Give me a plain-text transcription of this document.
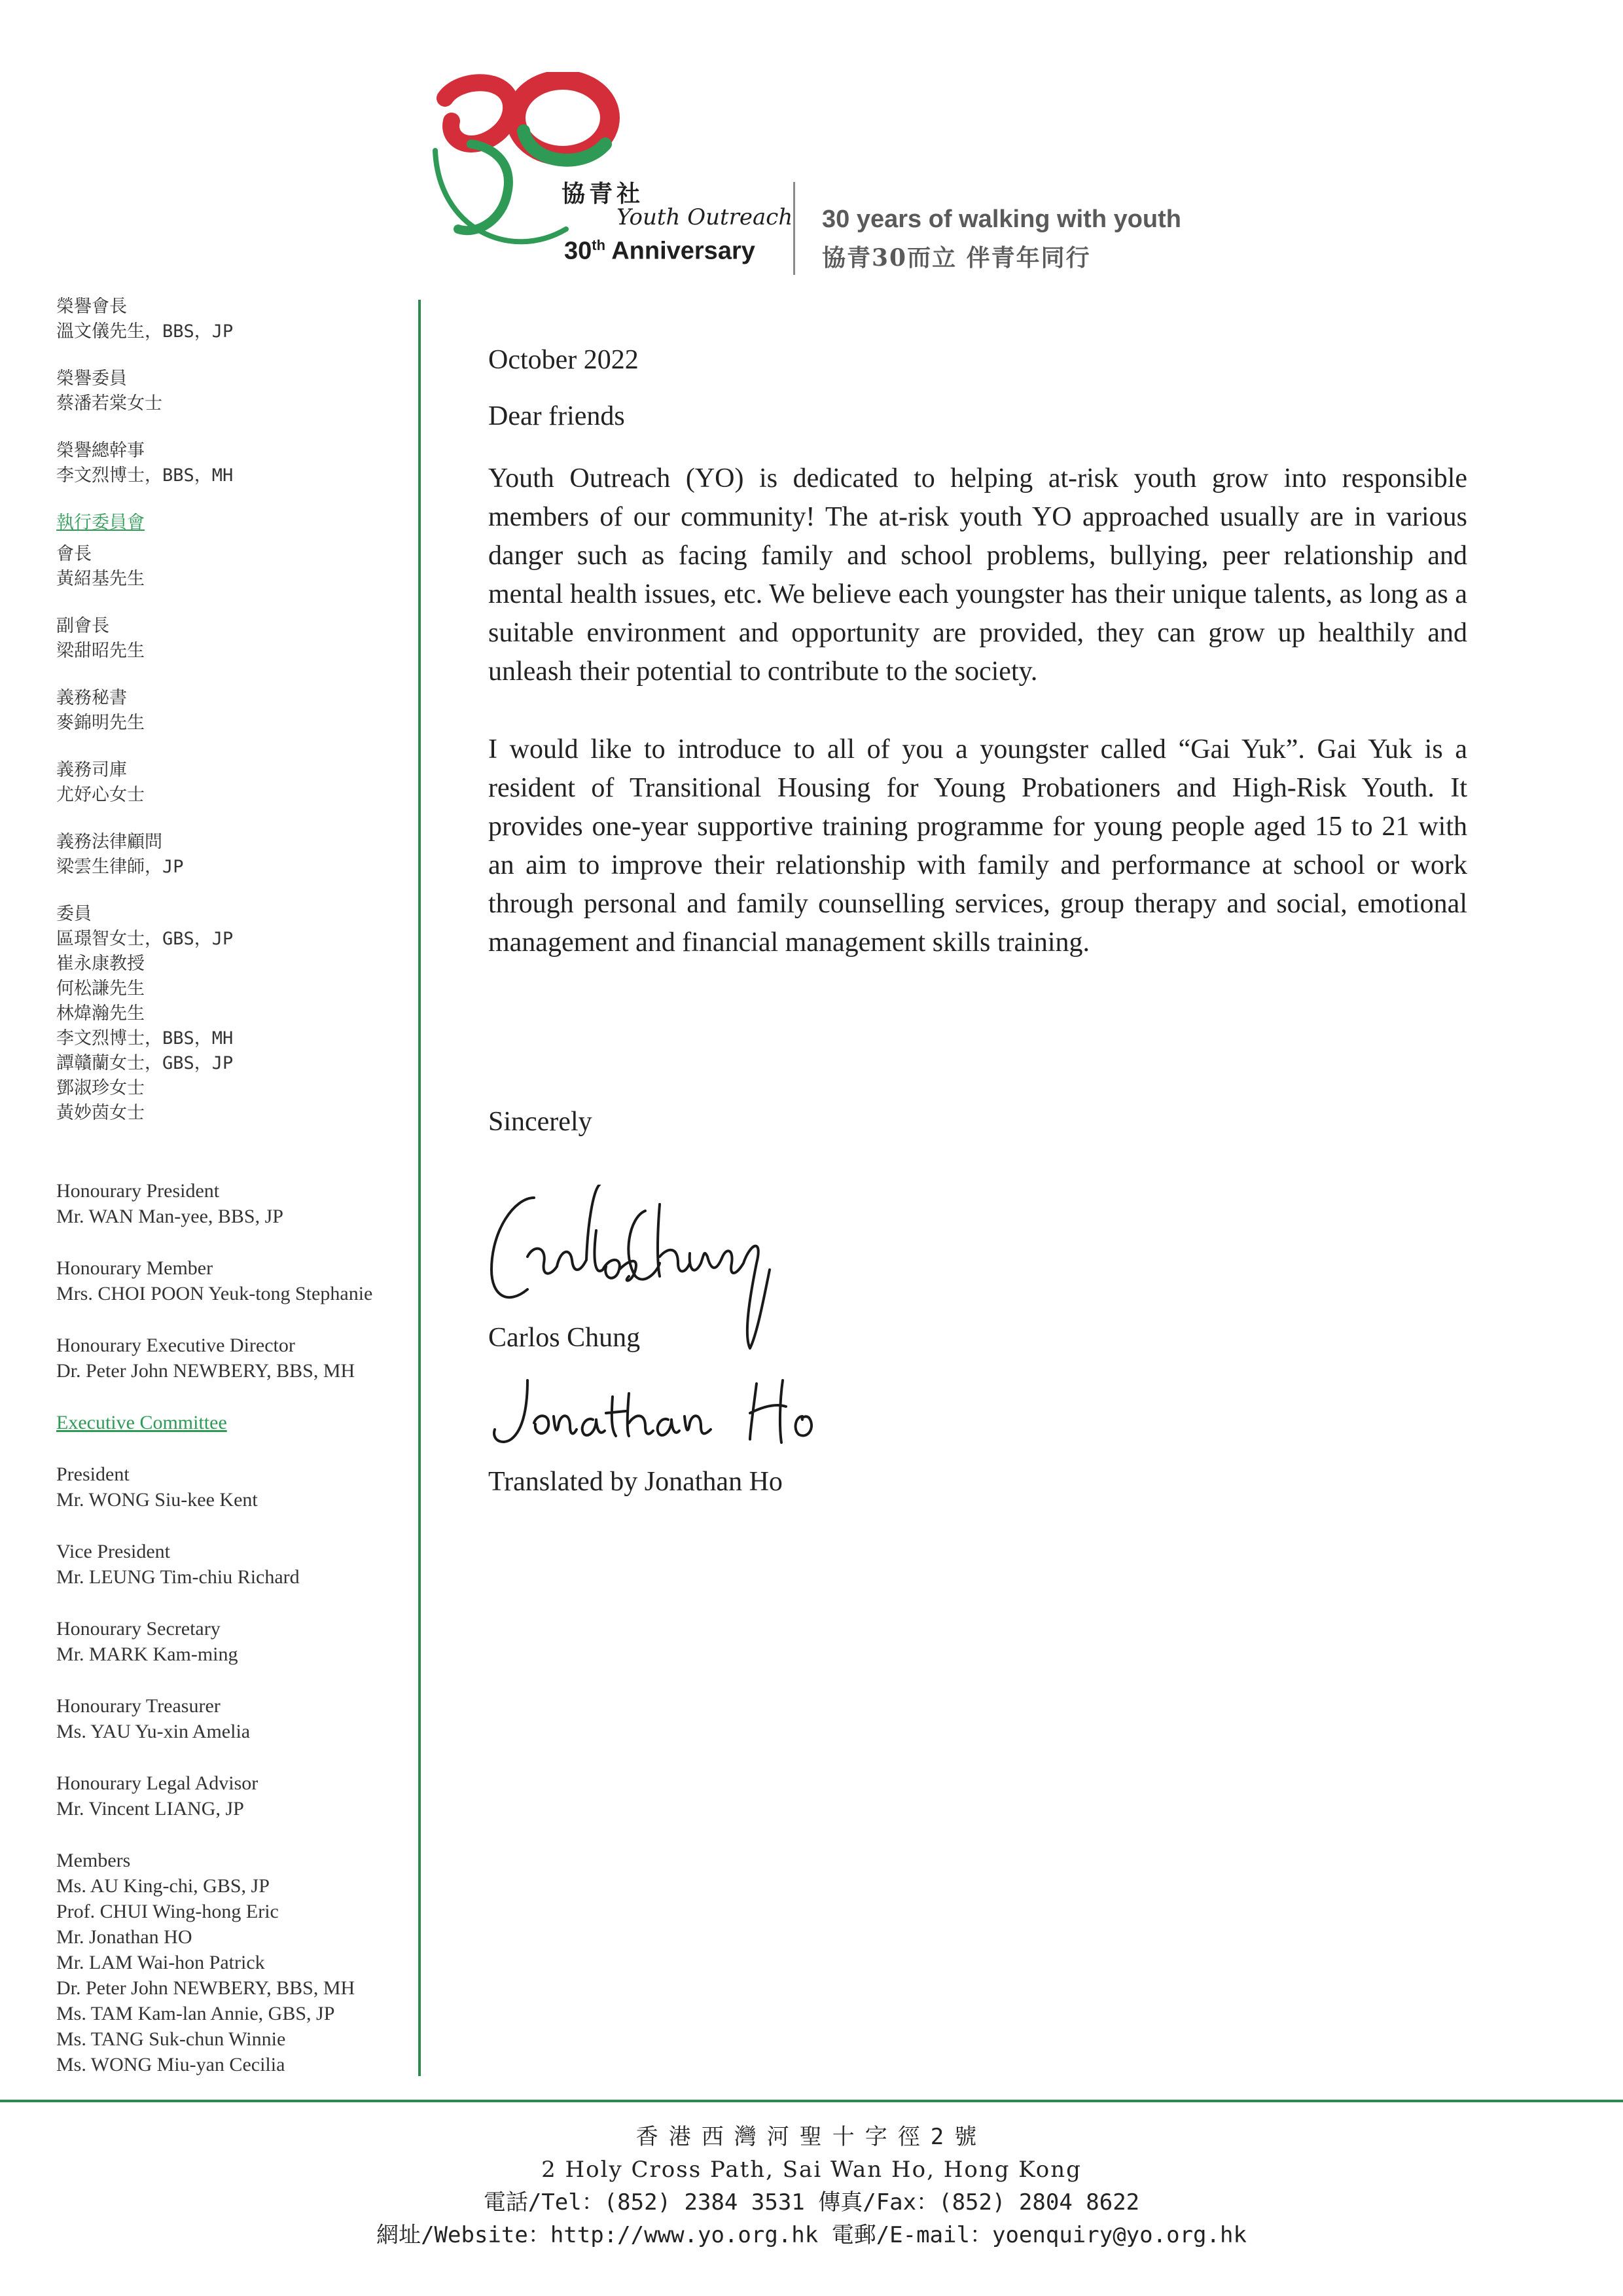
協青社
Youth Outreach
30th Anniversary
30 years of walking with youth
協青30而立 伴青年同行
榮譽會長
溫文儀先生，BBS，JP
榮譽委員
蔡潘若棠女士
榮譽總幹事
李文烈博士，BBS，MH
執行委員會
會長
黃紹基先生
副會長
梁甜昭先生
義務秘書
麥錦明先生
義務司庫
尤妤心女士
義務法律顧問
梁雲生律師，JP
委員
區璟智女士，GBS，JP
崔永康教授
何松謙先生
林煒瀚先生
李文烈博士，BBS，MH
譚贛蘭女士，GBS，JP
鄧淑珍女士
黃妙茵女士
Honourary President
Mr. WAN Man-yee, BBS, JP
Honourary Member
Mrs. CHOI POON Yeuk-tong Stephanie
Honourary Executive Director
Dr. Peter John NEWBERY, BBS, MH
Executive Committee
President
Mr. WONG Siu-kee Kent
Vice President
Mr. LEUNG Tim-chiu Richard
Honourary Secretary
Mr. MARK Kam-ming
Honourary Treasurer
Ms. YAU Yu-xin Amelia
Honourary Legal Advisor
Mr. Vincent LIANG, JP
Members
Ms. AU King-chi, GBS, JP
Prof. CHUI Wing-hong Eric
Mr. Jonathan HO
Mr. LAM Wai-hon Patrick
Dr. Peter John NEWBERY, BBS, MH
Ms. TAM Kam-lan Annie, GBS, JP
Ms. TANG Suk-chun Winnie
Ms. WONG Miu-yan Cecilia
October 2022
Dear friends

Youth Outreach (YO) is dedicated to helping at-risk youth grow into responsible members of our community! The at-risk youth YO approached usually are in various danger such as facing family and school problems, bullying, peer relationship and mental health issues, etc. We believe each youngster has their unique talents, as long as a suitable environment and opportunity are provided, they can grow up healthily and unleash their potential to contribute to the society.

I would like to introduce to all of you a youngster called “Gai Yuk”. Gai Yuk is a resident of Transitional Housing for Young Probationers and High-Risk Youth. It provides one-year supportive training programme for young people aged 15 to 21 with an aim to improve their relationship with family and performance at school or work through personal and family counselling services, group therapy and social, emotional management and financial management skills training.

Sincerely
Carlos Chung
Translated by Jonathan Ho
香港西灣河聖十字徑2號
2 Holy Cross Path, Sai Wan Ho, Hong Kong
電話/Tel：(852) 2384 3531 傳真/Fax：(852) 2804 8622
網址/Website：http://www.yo.org.hk 電郵/E-mail：yoenquiry@yo.org.hk
